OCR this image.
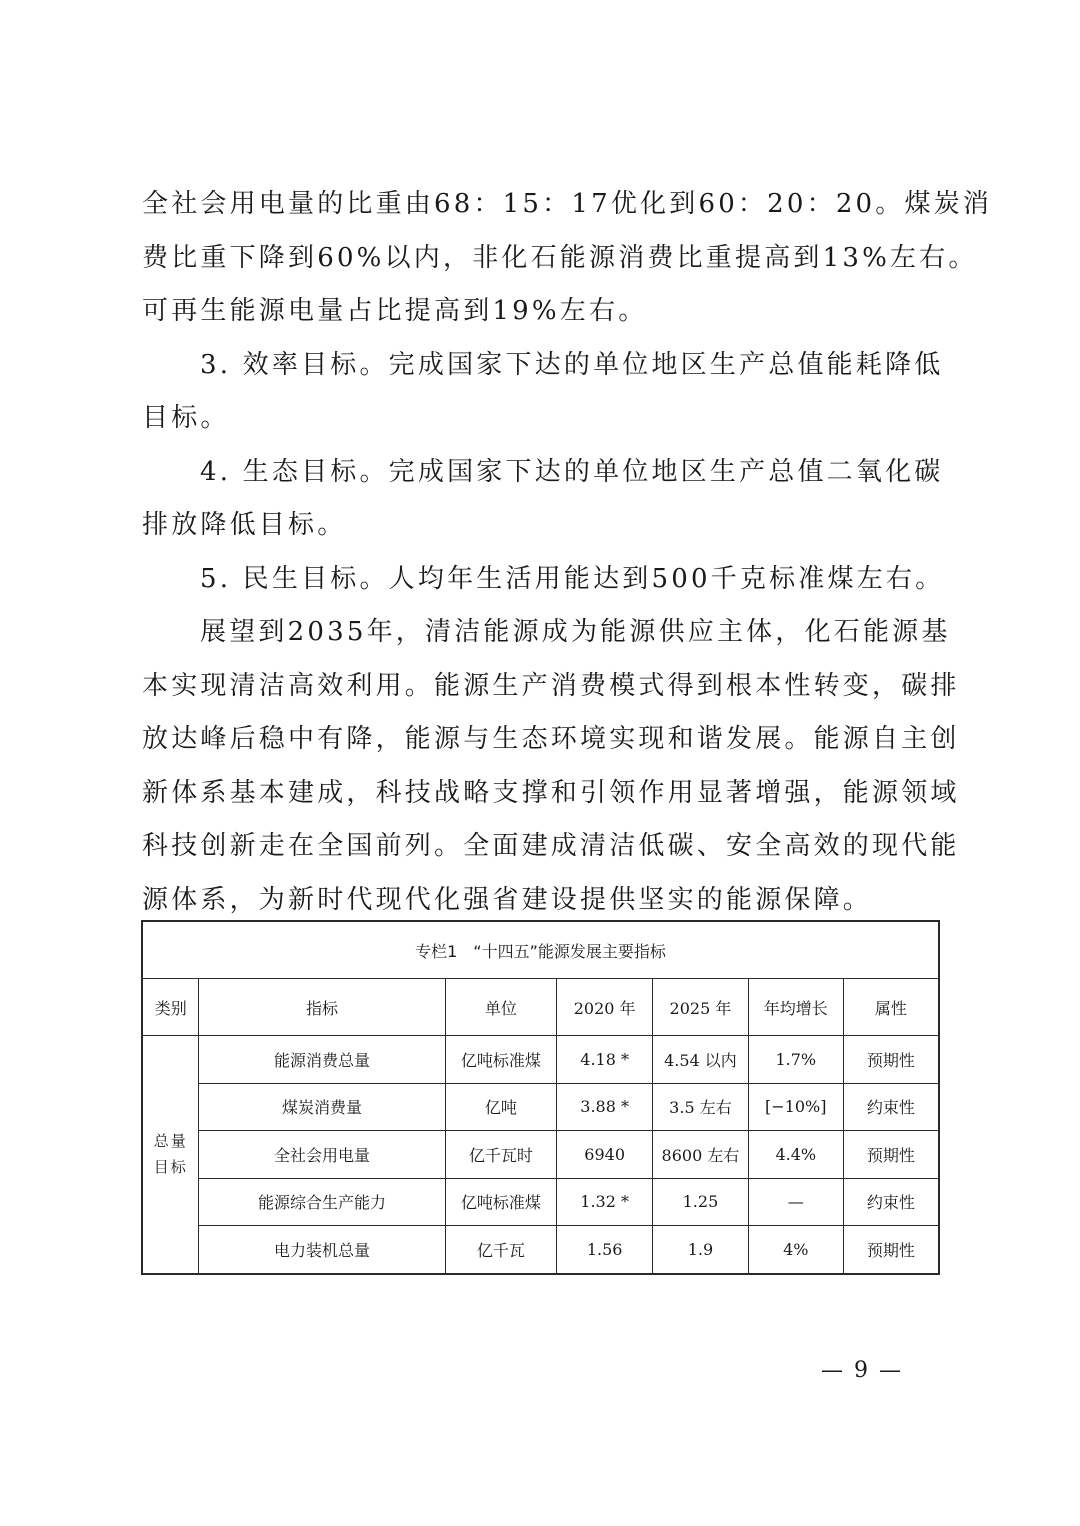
全社会用电量的比重由68：15：17优化到60：20：20。煤炭消
费比重下降到60%以内，非化石能源消费比重提高到13%左右。
可再生能源电量占比提高到19%左右。
3. 效率目标。完成国家下达的单位地区生产总值能耗降低
目标。
4. 生态目标。完成国家下达的单位地区生产总值二氧化碳
排放降低目标。
5. 民生目标。人均年生活用能达到500千克标准煤左右。
展望到2035年，清洁能源成为能源供应主体，化石能源基
本实现清洁高效利用。能源生产消费模式得到根本性转变，碳排
放达峰后稳中有降，能源与生态环境实现和谐发展。能源自主创
新体系基本建成，科技战略支撑和引领作用显著增强，能源领域
科技创新走在全国前列。全面建成清洁低碳、安全高效的现代能
源体系，为新时代现代化强省建设提供坚实的能源保障。
专栏1　“十四五”能源发展主要指标						
类别	指标	单位	2020 年	2025 年	年均增长	属性
总量目标	能源消费总量	亿吨标准煤	4.18 *	4.54 以内	1.7%	预期性
	煤炭消费量	亿吨	3.88 *	3.5 左右	[−10%]	约束性
	全社会用电量	亿千瓦时	6940	8600 左右	4.4%	预期性
	能源综合生产能力	亿吨标准煤	1.32 *	1.25	—	约束性
	电力装机总量	亿千瓦	1.56	1.9	4%	预期性
— 9 —
